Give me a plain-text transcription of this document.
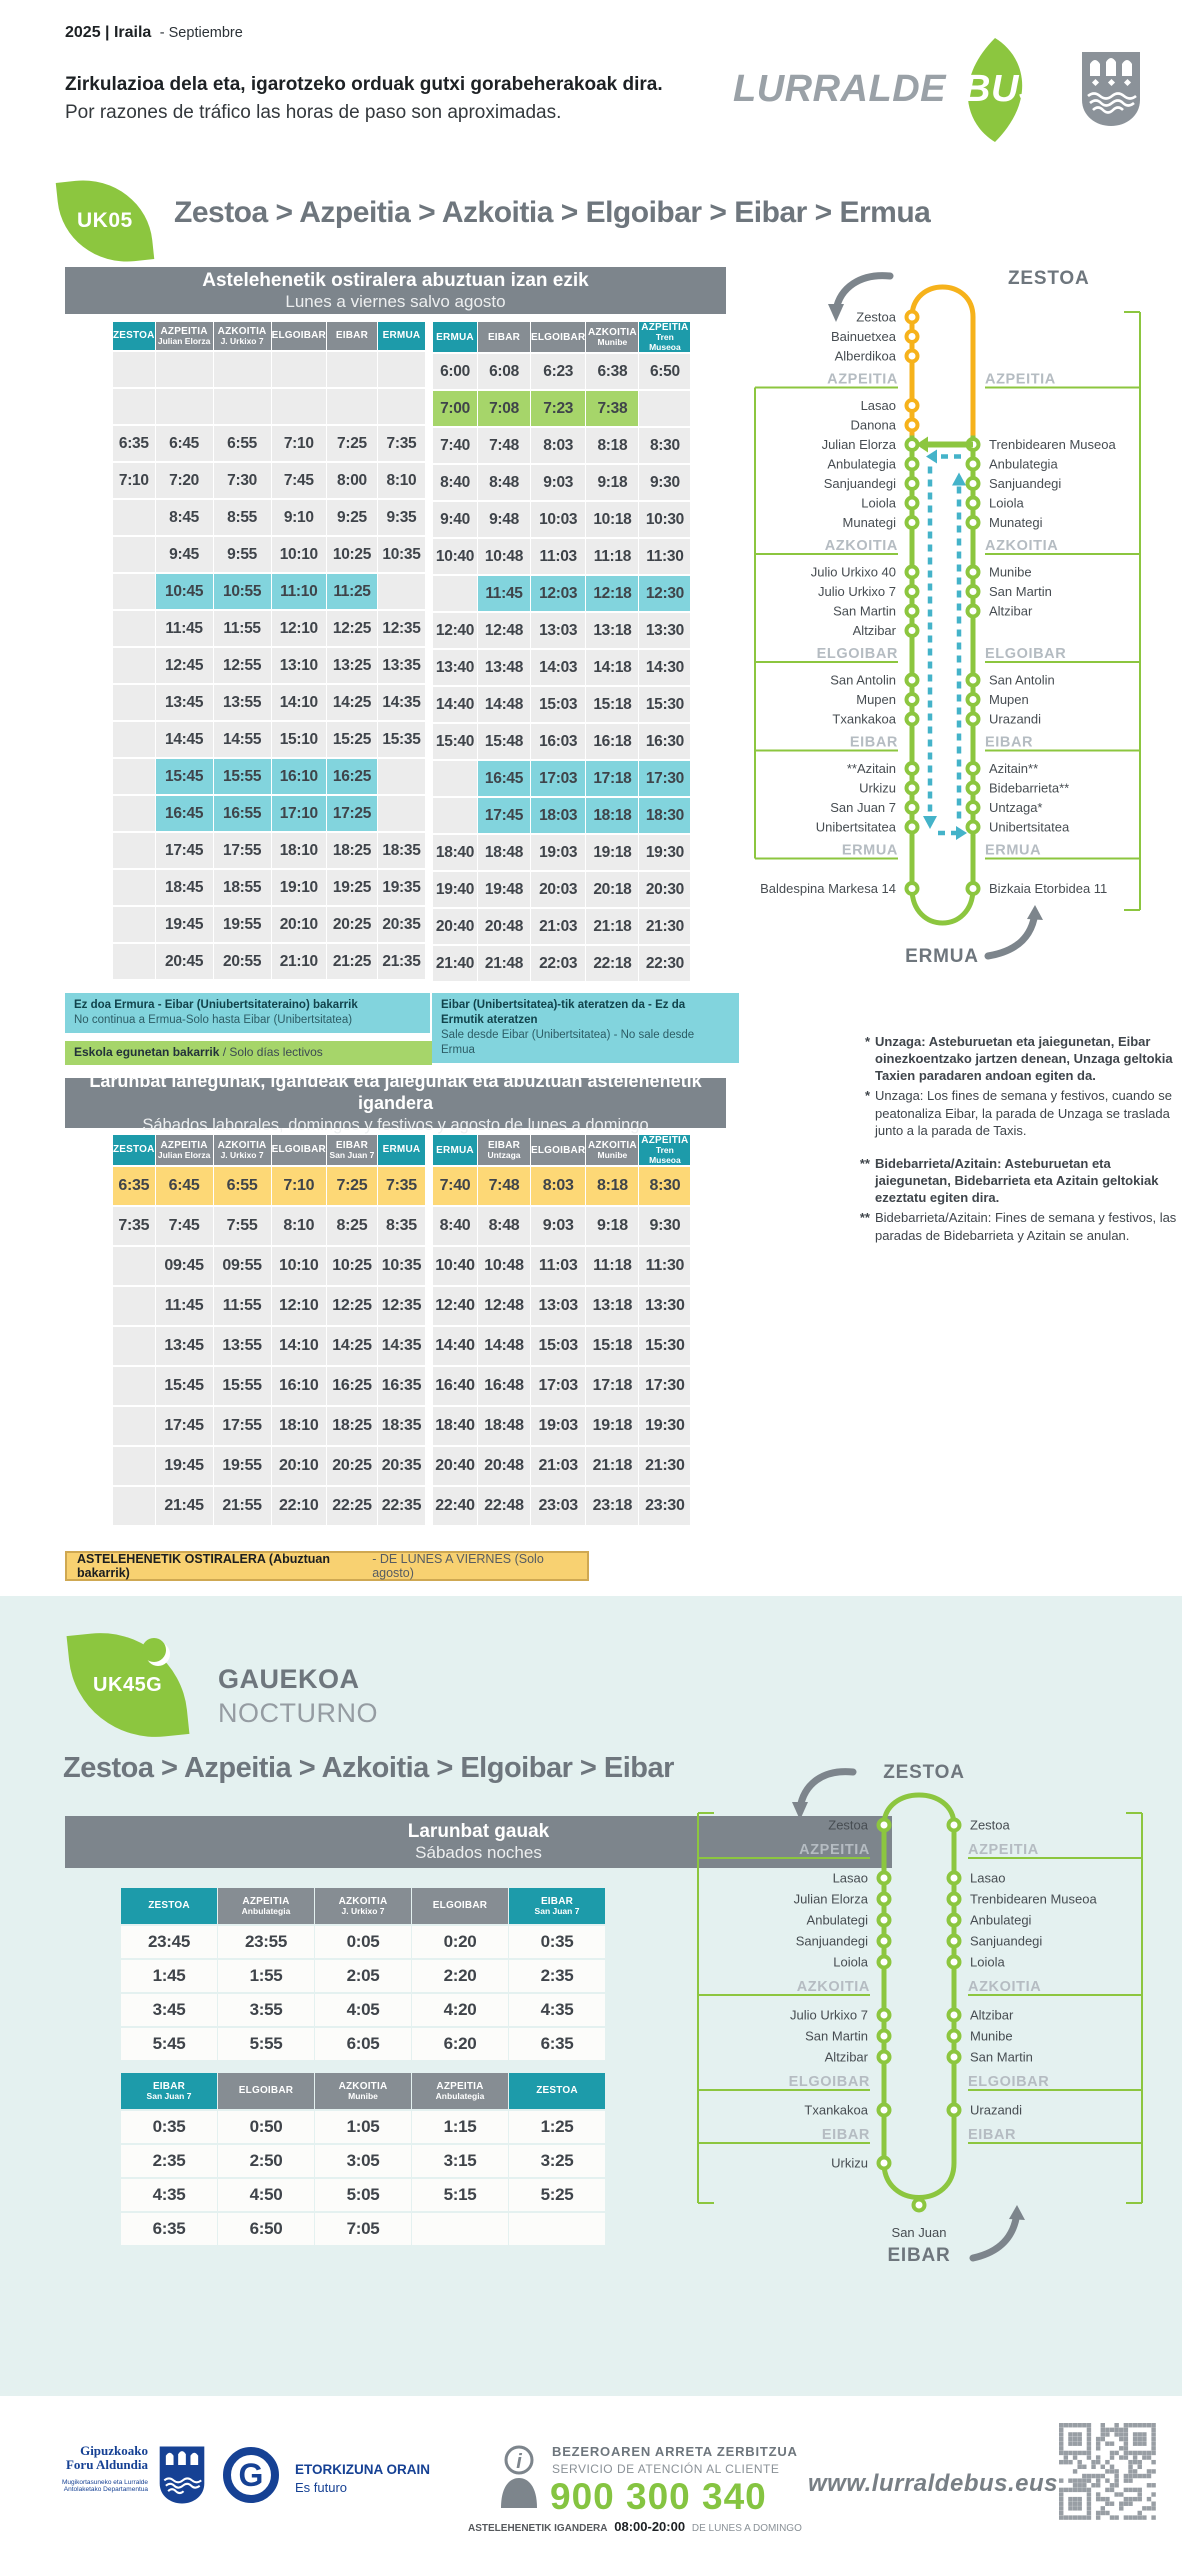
2025 | Iraila - Septiembre
Zirkulazioa dela eta, igarotzeko orduak gutxi gorabeherakoak dira.
Por razones de tráfico las horas de paso son aproximadas.
LURRALDE BUS
UK05 Zestoa > Azpeitia > Azkoitia > Elgoibar > Eibar > Ermua
Astelehenetik ostiralera abuztuan izan ezik
Lunes a viernes salvo agosto
ZESTOA	AZPEITIA
Julian Elorza	AZKOITIA
J. Urkixo 7	ELGOIBAR	EIBAR	ERMUA

6:35	6:45	6:55	7:10	7:25	7:35
7:10	7:20	7:30	7:45	8:00	8:10
	8:45	8:55	9:10	9:25	9:35
	9:45	9:55	10:10	10:25	10:35
	10:45	10:55	11:10	11:25	
	11:45	11:55	12:10	12:25	12:35
	12:45	12:55	13:10	13:25	13:35
	13:45	13:55	14:10	14:25	14:35
	14:45	14:55	15:10	15:25	15:35
	15:45	15:55	16:10	16:25	
	16:45	16:55	17:10	17:25	
	17:45	17:55	18:10	18:25	18:35
	18:45	18:55	19:10	19:25	19:35
	19:45	19:55	20:10	20:25	20:35
	20:45	20:55	21:10	21:25	21:35
ERMUA	EIBAR	ELGOIBAR	AZKOITIA
Munibe	AZPEITIA
Tren Museoa

6:00	6:08	6:23	6:38	6:50
7:00	7:08	7:23	7:38	
7:40	7:48	8:03	8:18	8:30
8:40	8:48	9:03	9:18	9:30
9:40	9:48	10:03	10:18	10:30
10:40	10:48	11:03	11:18	11:30
	11:45	12:03	12:18	12:30
12:40	12:48	13:03	13:18	13:30
13:40	13:48	14:03	14:18	14:30
14:40	14:48	15:03	15:18	15:30
15:40	15:48	16:03	16:18	16:30
	16:45	17:03	17:18	17:30
	17:45	18:03	18:18	18:30
18:40	18:48	19:03	19:18	19:30
19:40	19:48	20:03	20:18	20:30
20:40	20:48	21:03	21:18	21:30
21:40	21:48	22:03	22:18	22:30
Ez doa Ermura - Eibar (Uniubertsitateraino) bakarrik
No continua a Ermua-Solo hasta Eibar (Unibertsitatea)
Eibar (Unibertsitatea)-tik ateratzen da - Ez da Ermutik ateratzen
Sale desde Eibar (Unibertsitatea) - No sale desde Ermua
Eskola egunetan bakarrik / Solo días lectivos
Larunbat lanegunak, igandeak eta jaiegunak eta abuztuan astelehenetik igandera
Sábados laborales, domingos y festivos y agosto de lunes a domingo
ZESTOA	AZPEITIA
Julian Elorza	AZKOITIA
J. Urkixo 7	ELGOIBAR	EIBAR
San Juan 7	ERMUA

6:35	6:45	6:55	7:10	7:25	7:35
7:35	7:45	7:55	8:10	8:25	8:35
	09:45	09:55	10:10	10:25	10:35
	11:45	11:55	12:10	12:25	12:35
	13:45	13:55	14:10	14:25	14:35
	15:45	15:55	16:10	16:25	16:35
	17:45	17:55	18:10	18:25	18:35
	19:45	19:55	20:10	20:25	20:35
	21:45	21:55	22:10	22:25	22:35
ERMUA	EIBAR
Untzaga	ELGOIBAR	AZKOITIA
Munibe	AZPEITIA
Tren Museoa

7:40	7:48	8:03	8:18	8:30
8:40	8:48	9:03	9:18	9:30
10:40	10:48	11:03	11:18	11:30
12:40	12:48	13:03	13:18	13:30
14:40	14:48	15:03	15:18	15:30
16:40	16:48	17:03	17:18	17:30
18:40	18:48	19:03	19:18	19:30
20:40	20:48	21:03	21:18	21:30
22:40	22:48	23:03	23:18	23:30
ASTELEHENETIK OSTIRALERA (Abuztuan bakarrik)
- DE LUNES A VIERNES (Solo agosto)
AZPEITIA	AZPEITIA
AZKOITIA	AZKOITIA
ELGOIBAR	ELGOIBAR
EIBAR	EIBAR
ERMUA	ERMUA
Zestoa
Bainuetxea
Alberdikoa
Lasao
Danona
Julian Elorza	Trenbidearen Museoa
Anbulategia	Anbulategia
Sanjuandegi	Sanjuandegi
Loiola	Loiola
Munategi	Munategi
Julio Urkixo 40	Munibe
Julio Urkixo 7	San Martin
San Martin	Altzibar
Altzibar
San Antolin	San Antolin
Mupen	Mupen
Txankakoa	Urazandi
**Azitain	Azitain**
Urkizu	Bidebarrieta**
San Juan 7	Untzaga*
Unibertsitatea	Unibertsitatea
Baldespina Markesa 14	Bizkaia Etorbidea 11
ZESTOA
ERMUA
* Unzaga: Asteburuetan eta jaiegunetan, Eibar oinezkoentzako jartzen denean, Unzaga geltokia Taxien paradaren andoan egiten da.
* Unzaga: Los fines de semana y festivos, cuando se peatonaliza Eibar, la parada de Unzaga se traslada junto a la parada de Taxis.
** Bidebarrieta/Azitain: Asteburuetan eta jaiegunetan, Bidebarrieta eta Azitain geltokiak ezeztatu egiten dira.
** Bidebarrieta/Azitain: Fines de semana y festivos, las paradas de Bidebarrieta y Azitain se anulan.
UK45G GAUEKOA
NOCTURNO
Zestoa > Azpeitia > Azkoitia > Elgoibar > Eibar
Larunbat gauak
Sábados noches
ZESTOA	AZPEITIA
Anbulategia	AZKOITIA
J. Urkixo 7	ELGOIBAR	EIBAR
San Juan 7

23:45	23:55	0:05	0:20	0:35
1:45	1:55	2:05	2:20	2:35
3:45	3:55	4:05	4:20	4:35
5:45	5:55	6:05	6:20	6:35
EIBAR
San Juan 7	ELGOIBAR	AZKOITIA
Munibe	AZPEITIA
Anbulategia	ZESTOA

0:35	0:50	1:05	1:15	1:25
2:35	2:50	3:05	3:15	3:25
4:35	4:50	5:05	5:15	5:25
6:35	6:50	7:05		
AZPEITIA	AZPEITIA
AZKOITIA	AZKOITIA
ELGOIBAR	ELGOIBAR
EIBAR	EIBAR
Zestoa	Zestoa
Lasao	Lasao
Julian Elorza	Trenbidearen Museoa
Anbulategi	Anbulategi
Sanjuandegi	Sanjuandegi
Loiola	Loiola
Julio Urkixo 7	Altzibar
San Martin	Munibe
Altzibar	San Martin
Txankakoa	Urazandi
Urkizu
ZESTOA
San Juan
EIBAR
Gipuzkoako
Foru Aldundia
Mugikortasuneko eta Lurralde
Antolaketako Departamentua	G ETORKIZUNA ORAIN
Es futuro
i BEZEROAREN ARRETA ZERBITZUA
SERVICIO DE ATENCIÓN AL CLIENTE
900 300 340
ASTELEHENETIK IGANDERA 08:00-20:00 DE LUNES A DOMINGO
www.lurraldebus.eus
